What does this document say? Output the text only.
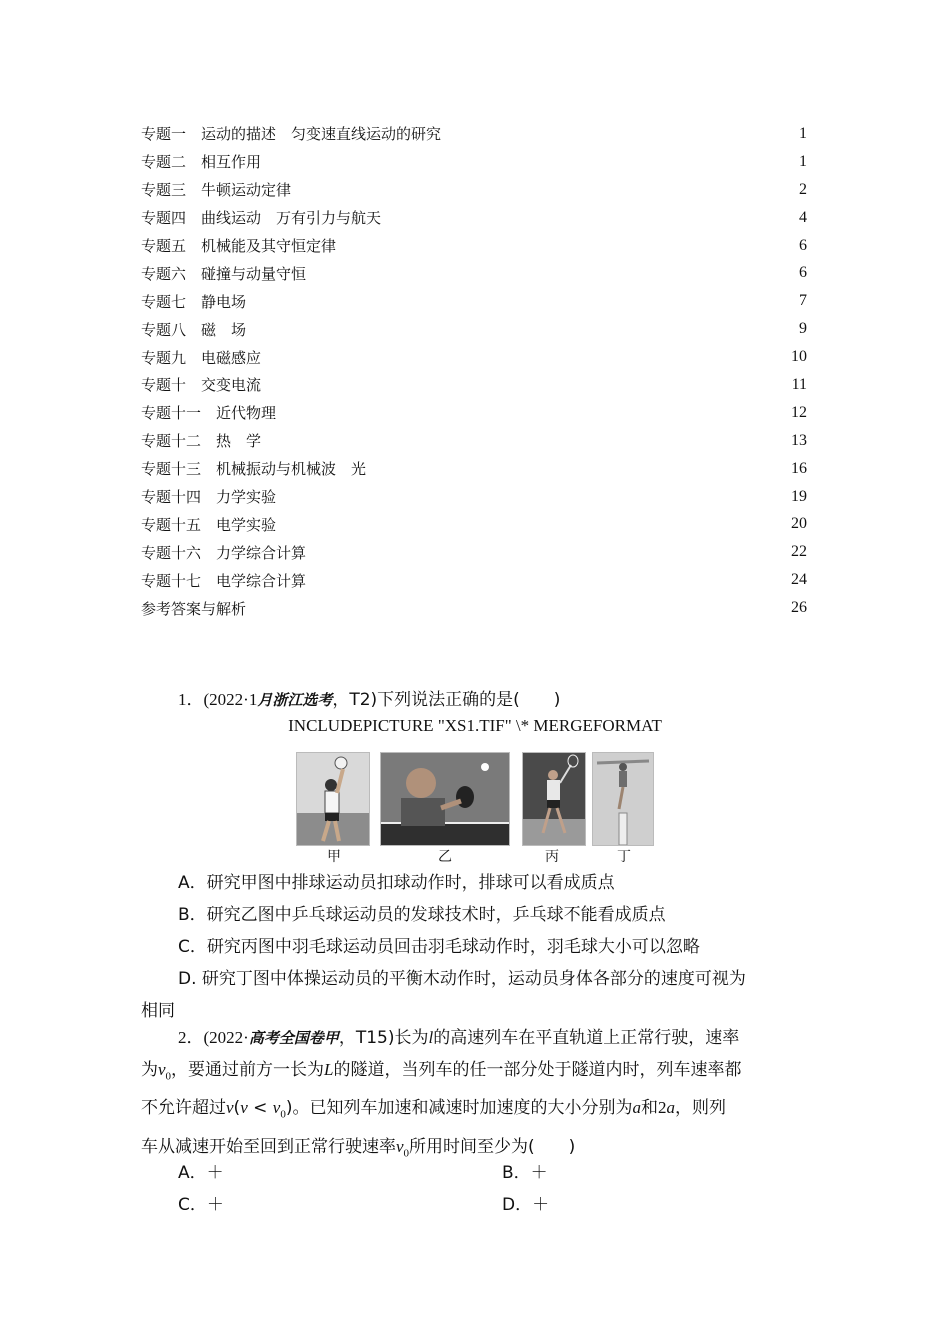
专题一　运动的描述　匀变速直线运动的研究	1
专题二　相互作用	1
专题三　牛顿运动定律	2
专题四　曲线运动　万有引力与航天	4
专题五　机械能及其守恒定律	6
专题六　碰撞与动量守恒	6
专题七　静电场	7
专题八　磁　场	9
专题九　电磁感应	10
专题十　交变电流	11
专题十一　近代物理	12
专题十二　热　学	13
专题十三　机械振动与机械波　光	16
专题十四　力学实验	19
专题十五　电学实验	20
专题十六　力学综合计算	22
专题十七　电学综合计算	24
参考答案与解析	26
1．(2022·1月浙江选考，T2)下列说法正确的是(　　)
INCLUDEPICTURE "XS1.TIF" \* MERGEFORMAT
甲	乙	丙	丁
A．研究甲图中排球运动员扣球动作时，排球可以看成质点
B．研究乙图中乒乓球运动员的发球技术时，乒乓球不能看成质点
C．研究丙图中羽毛球运动员回击羽毛球动作时，羽毛球大小可以忽略
D. 研究丁图中体操运动员的平衡木动作时，运动员身体各部分的速度可视为
相同
2．(2022·高考全国卷甲，T15)长为l的高速列车在平直轨道上正常行驶，速率
为$v_0$，要通过前方一长为L的隧道，当列车的任一部分处于隧道内时，列车速率都
不允许超过$v(v < v_0)$。已知列车加速和减速时加速度的大小分别为a和2a，则列
车从减速开始至回到正常行驶速率$v_0$所用时间至少为(　　)
A．＋	B．＋
C．＋	D．＋
